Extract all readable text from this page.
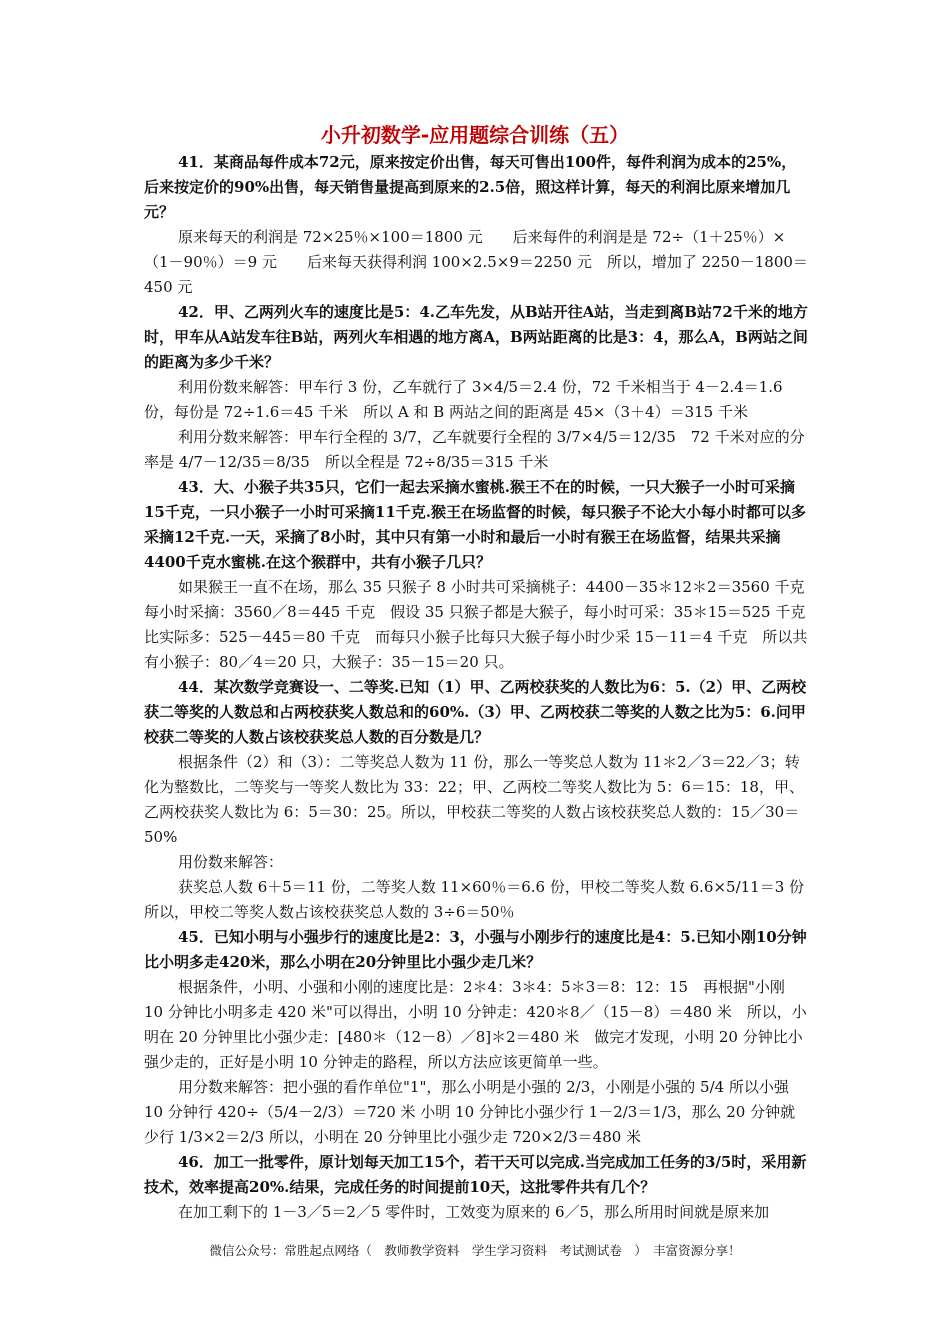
小升初数学-应用题综合训练（五）

41．某商品每件成本72元，原来按定价出售，每天可售出100件，每件利润为成本的25%，后来按定价的90%出售，每天销售量提高到原来的2.5倍，照这样计算，每天的利润比原来增加几元？

原来每天的利润是 72×25％×100＝1800 元　　后来每件的利润是是 72÷（1＋25％）×（1－90％）＝9 元　　后来每天获得利润 100×2.5×9＝2250 元　所以，增加了 2250－1800＝450 元

42．甲、乙两列火车的速度比是5：4.乙车先发，从B站开往A站，当走到离B站72千米的地方时，甲车从A站发车往B站，两列火车相遇的地方离A，B两站距离的比是3：4，那么A，B两站之间的距离为多少千米？

利用份数来解答：甲车行 3 份，乙车就行了 3×4/5＝2.4 份，72 千米相当于 4－2.4＝1.6 份，每份是 72÷1.6＝45 千米　所以 A 和 B 两站之间的距离是 45×（3＋4）＝315 千米

利用分数来解答：甲车行全程的 3/7，乙车就要行全程的 3/7×4/5＝12/35　72 千米对应的分率是 4/7－12/35＝8/35　所以全程是 72÷8/35＝315 千米

43．大、小猴子共35只，它们一起去采摘水蜜桃.猴王不在的时候，一只大猴子一小时可采摘15千克，一只小猴子一小时可采摘11千克.猴王在场监督的时候，每只猴子不论大小每小时都可以多采摘12千克.一天，采摘了8小时，其中只有第一小时和最后一小时有猴王在场监督，结果共采摘4400千克水蜜桃.在这个猴群中，共有小猴子几只？

如果猴王一直不在场，那么 35 只猴子 8 小时共可采摘桃子：4400－35＊12＊2＝3560 千克　每小时采摘：3560／8＝445 千克　假设 35 只猴子都是大猴子，每小时可采：35＊15＝525 千克　比实际多：525－445＝80 千克　而每只小猴子比每只大猴子每小时少采 15－11＝4 千克　所以共有小猴子：80／4＝20 只，大猴子：35－15＝20 只。

44．某次数学竞赛设一、二等奖.已知（1）甲、乙两校获奖的人数比为6：5.（2）甲、乙两校获二等奖的人数总和占两校获奖人数总和的60%.（3）甲、乙两校获二等奖的人数之比为5：6.问甲校获二等奖的人数占该校获奖总人数的百分数是几？

根据条件（2）和（3）：二等奖总人数为 11 份，那么一等奖总人数为 11＊2／3＝22／3；转化为整数比，二等奖与一等奖人数比为 33：22；甲、乙两校二等奖人数比为 5：6＝15：18，甲、乙两校获奖人数比为 6：5＝30：25。所以，甲校获二等奖的人数占该校获奖总人数的：15／30＝50%

用份数来解答：

获奖总人数 6＋5＝11 份，二等奖人数 11×60％＝6.6 份，甲校二等奖人数 6.6×5/11＝3 份　所以，甲校二等奖人数占该校获奖总人数的 3÷6＝50％

45．已知小明与小强步行的速度比是2：3，小强与小刚步行的速度比是4：5.已知小刚10分钟比小明多走420米，那么小明在20分钟里比小强少走几米？

根据条件，小明、小强和小刚的速度比是：2＊4：3＊4：5＊3＝8：12：15　再根据"小刚 10 分钟比小明多走 420 米"可以得出，小明 10 分钟走：420＊8／（15－8）＝480 米　所以，小明在 20 分钟里比小强少走：[480＊（12－8）／8]＊2＝480 米　做完才发现，小明 20 分钟比小强少走的，正好是小明 10 分钟走的路程，所以方法应该更简单一些。

用分数来解答：把小强的看作单位"1"，那么小明是小强的 2/3，小刚是小强的 5/4 所以小强 10 分钟行 420÷（5/4－2/3）＝720 米 小明 10 分钟比小强少行 1－2/3＝1/3，那么 20 分钟就少行 1/3×2＝2/3 所以，小明在 20 分钟里比小强少走 720×2/3＝480 米

46．加工一批零件，原计划每天加工15个，若干天可以完成.当完成加工任务的3/5时，采用新技术，效率提高20%.结果，完成任务的时间提前10天，这批零件共有几个？

在加工剩下的 1－3／5＝2／5 零件时，工效变为原来的 6／5，那么所用时间就是原来加

微信公众号：常胜起点网络（　教师教学资料　学生学习资料　考试测试卷　）　丰富资源分享！
